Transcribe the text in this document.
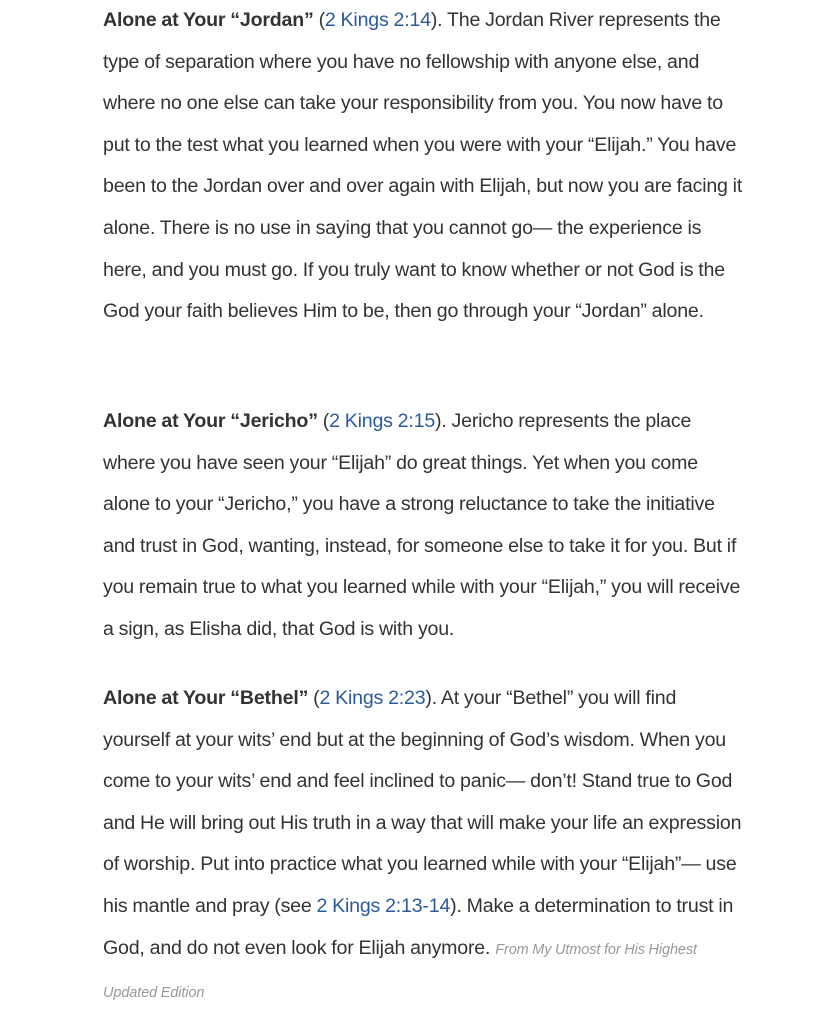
Alone at Your “Jordan” (2 Kings 2:14). The Jordan River represents the type of separation where you have no fellowship with anyone else, and where no one else can take your responsibility from you. You now have to put to the test what you learned when you were with your “Elijah.” You have been to the Jordan over and over again with Elijah, but now you are facing it alone. There is no use in saying that you cannot go— the experience is here, and you must go. If you truly want to know whether or not God is the God your faith believes Him to be, then go through your “Jordan” alone.

Alone at Your “Jericho” (2 Kings 2:15). Jericho represents the place where you have seen your “Elijah” do great things. Yet when you come alone to your “Jericho,” you have a strong reluctance to take the initiative and trust in God, wanting, instead, for someone else to take it for you. But if you remain true to what you learned while with your “Elijah,” you will receive a sign, as Elisha did, that God is with you.

Alone at Your “Bethel” (2 Kings 2:23). At your “Bethel” you will find yourself at your wits’ end but at the beginning of God’s wisdom. When you come to your wits’ end and feel inclined to panic— don’t! Stand true to God and He will bring out His truth in a way that will make your life an expression of worship. Put into practice what you learned while with your “Elijah”— use his mantle and pray (see 2 Kings 2:13-14). Make a determination to trust in God, and do not even look for Elijah anymore. From My Utmost for His Highest Updated Edition
